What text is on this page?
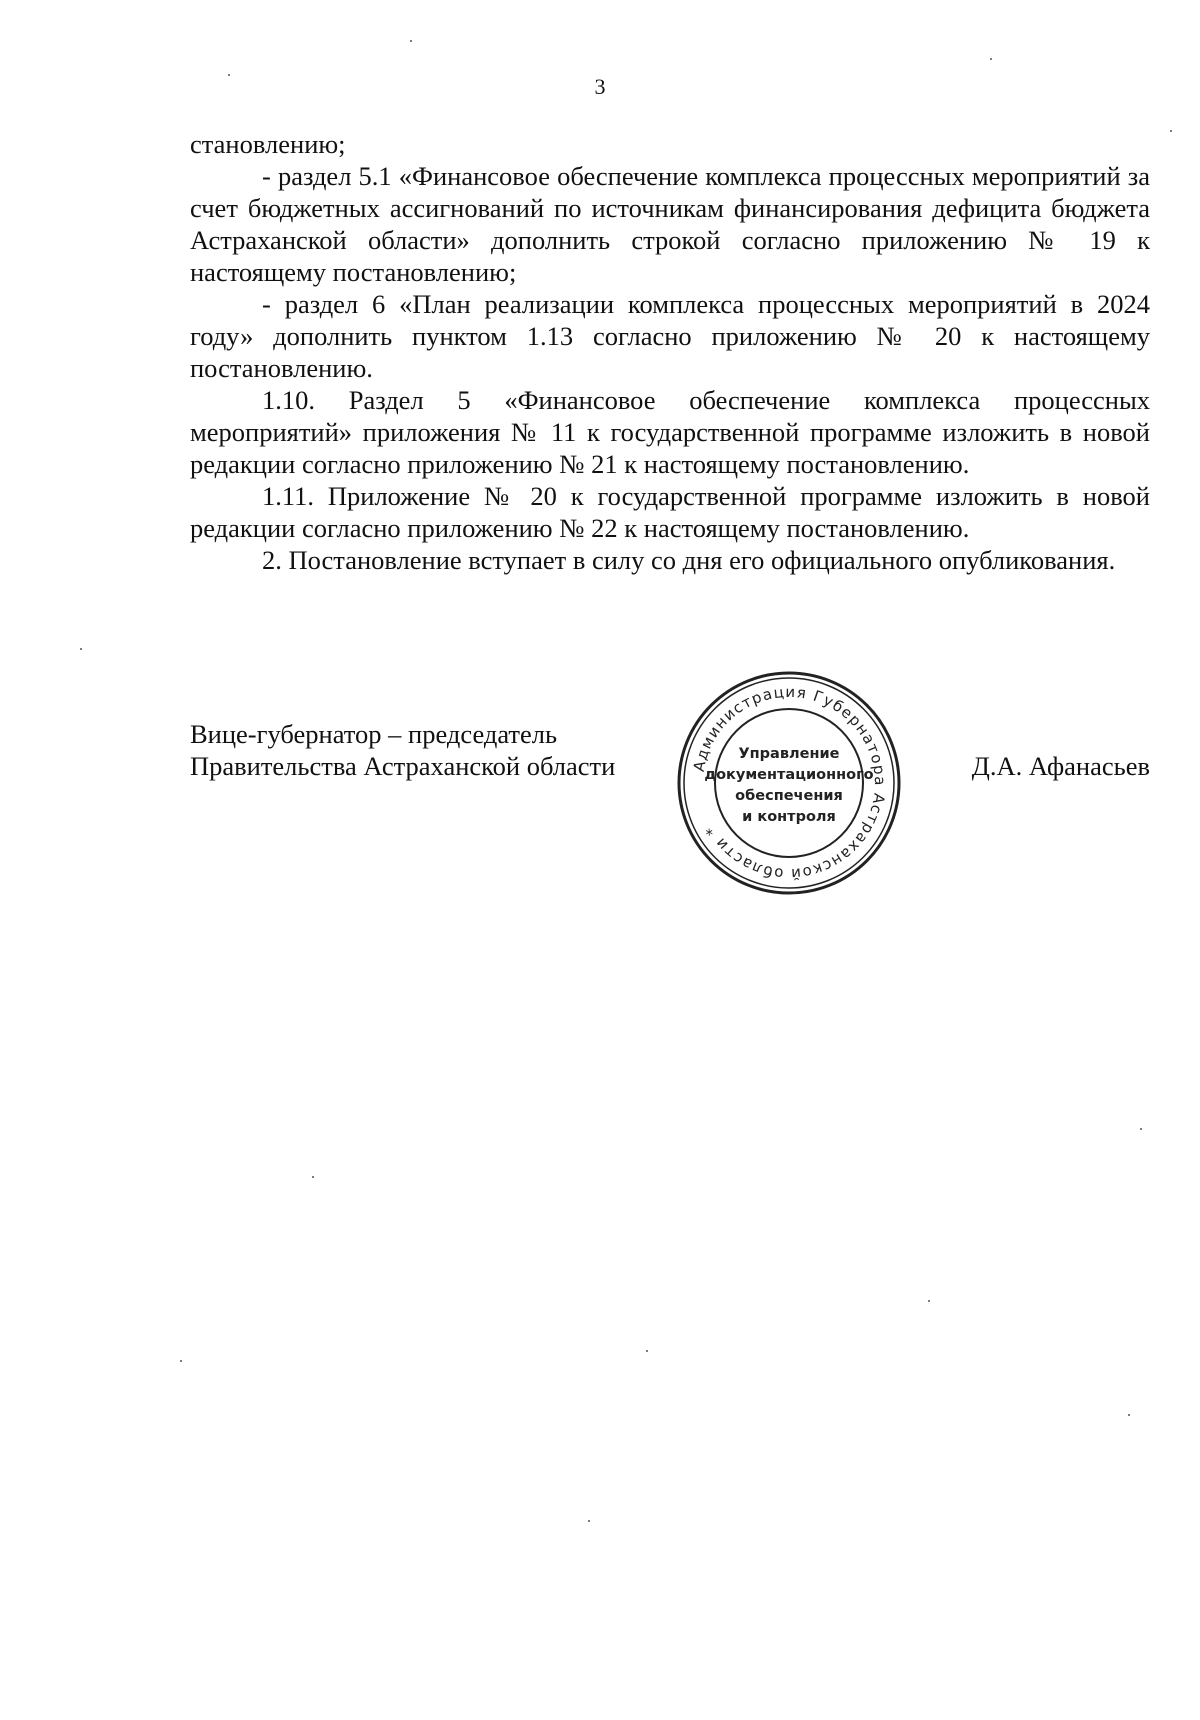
3

становлению;

- раздел 5.1 «Финансовое обеспечение комплекса процессных мероприятий за счет бюджетных ассигнований по источникам финансирования дефицита бюджета Астраханской области» дополнить строкой согласно приложению № 19 к настоящему постановлению;

- раздел 6 «План реализации комплекса процессных мероприятий в 2024 году» дополнить пунктом 1.13 согласно приложению № 20 к настоящему постановлению.

1.10. Раздел 5 «Финансовое обеспечение комплекса процессных мероприятий» приложения № 11 к государственной программе изложить в новой редакции согласно приложению № 21 к настоящему постановлению.

1.11. Приложение № 20 к государственной программе изложить в новой редакции согласно приложению № 22 к настоящему постановлению.

2. Постановление вступает в силу со дня его официального опубликования.

Вице-губернатор – председатель
Правительства Астраханской области	Д.А. Афанасьев
Администрация Губернатора Астраханской области *
Управление
документационного
обеспечения
и контроля
